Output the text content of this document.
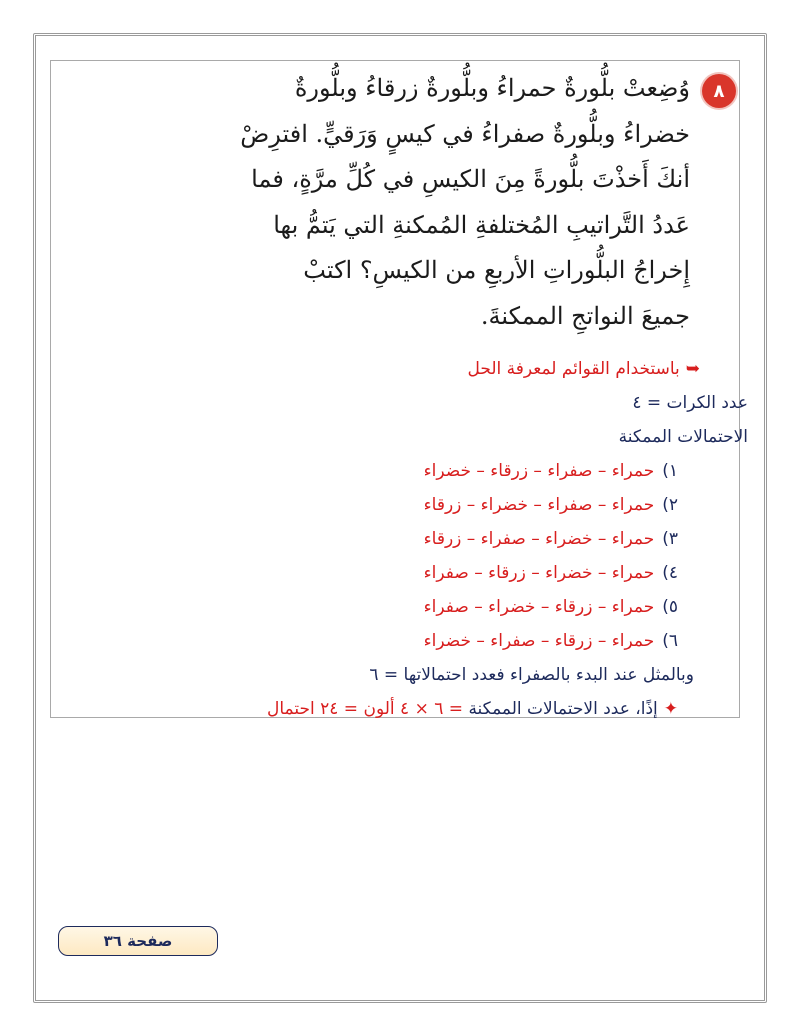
٨

وُضِعتْ بلُّورةٌ حمراءُ وبلُّورةٌ زرقاءُ وبلُّورةٌ
خضراءُ وبلُّورةٌ صفراءُ في كيسٍ وَرَقيٍّ. افترِضْ
أنكَ أَخذْتَ بلُّورةً مِنَ الكيسِ في كُلِّ مرَّةٍ، فما
عَددُ التَّراتيبِ المُختلفةِ المُمكنةِ التي يَتمُّ بها
إِخراجُ البلُّوراتِ الأربعِ من الكيسِ؟ اكتبْ
جميعَ النواتجِ الممكنةَ.

➥باستخدام القوائم لمعرفة الحل
عدد الكرات = ٤
الاحتمالات الممكنة
١)حمراء – صفراء – زرقاء – خضراء
٢)حمراء – صفراء – خضراء – زرقاء
٣)حمراء – خضراء – صفراء – زرقاء
٤)حمراء – خضراء – زرقاء – صفراء
٥)حمراء – زرقاء – خضراء – صفراء
٦)حمراء – زرقاء – صفراء – خضراء
وبالمثل عند البدء بالصفراء فعدد احتمالاتها = ٦
✦إذًا، عدد الاحتمالات الممكنة = ٦ × ٤ ألون = ٢٤ احتمال
صفحة ٣٦
